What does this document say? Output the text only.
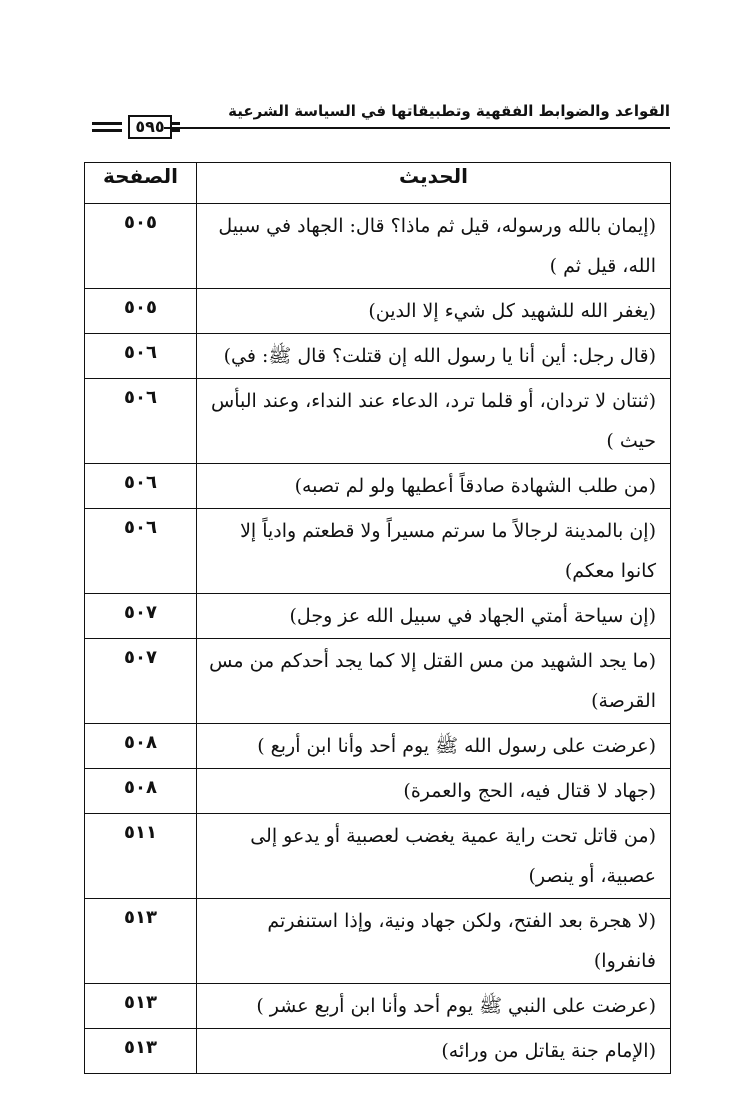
٥٩٥
القواعد والضوابط الفقهية وتطبيقاتها في السياسة الشرعية
الحديث	الصفحة
(إيمان بالله ورسوله، قيل ثم ماذا؟ قال: الجهاد في سبيل الله، قيل ثم )	٥٠٥
(يغفر الله للشهيد كل شيء إلا الدين)	٥٠٥
(قال رجل: أين أنا يا رسول الله إن قتلت؟ قال ﷺ: في)	٥٠٦
(ثنتان لا تردان، أو قلما ترد، الدعاء عند النداء، وعند البأس حيث )	٥٠٦
(من طلب الشهادة صادقاً أعطيها ولو لم تصبه)	٥٠٦
(إن بالمدينة لرجالاً ما سرتم مسيراً ولا قطعتم وادياً إلا كانوا معكم)	٥٠٦
(إن سياحة أمتي الجهاد في سبيل الله عز وجل)	٥٠٧
(ما يجد الشهيد من مس القتل إلا كما يجد أحدكم من مس القرصة)	٥٠٧
(عرضت على رسول الله ﷺ يوم أحد وأنا ابن أربع )	٥٠٨
(جهاد لا قتال فيه، الحج والعمرة)	٥٠٨
(من قاتل تحت راية عمية يغضب لعصبية أو يدعو إلى عصبية، أو ينصر)	٥١١
(لا هجرة بعد الفتح، ولكن جهاد ونية، وإذا استنفرتم فانفروا)	٥١٣
(عرضت على النبي ﷺ يوم أحد وأنا ابن أربع عشر )	٥١٣
(الإمام جنة يقاتل من ورائه)	٥١٣
